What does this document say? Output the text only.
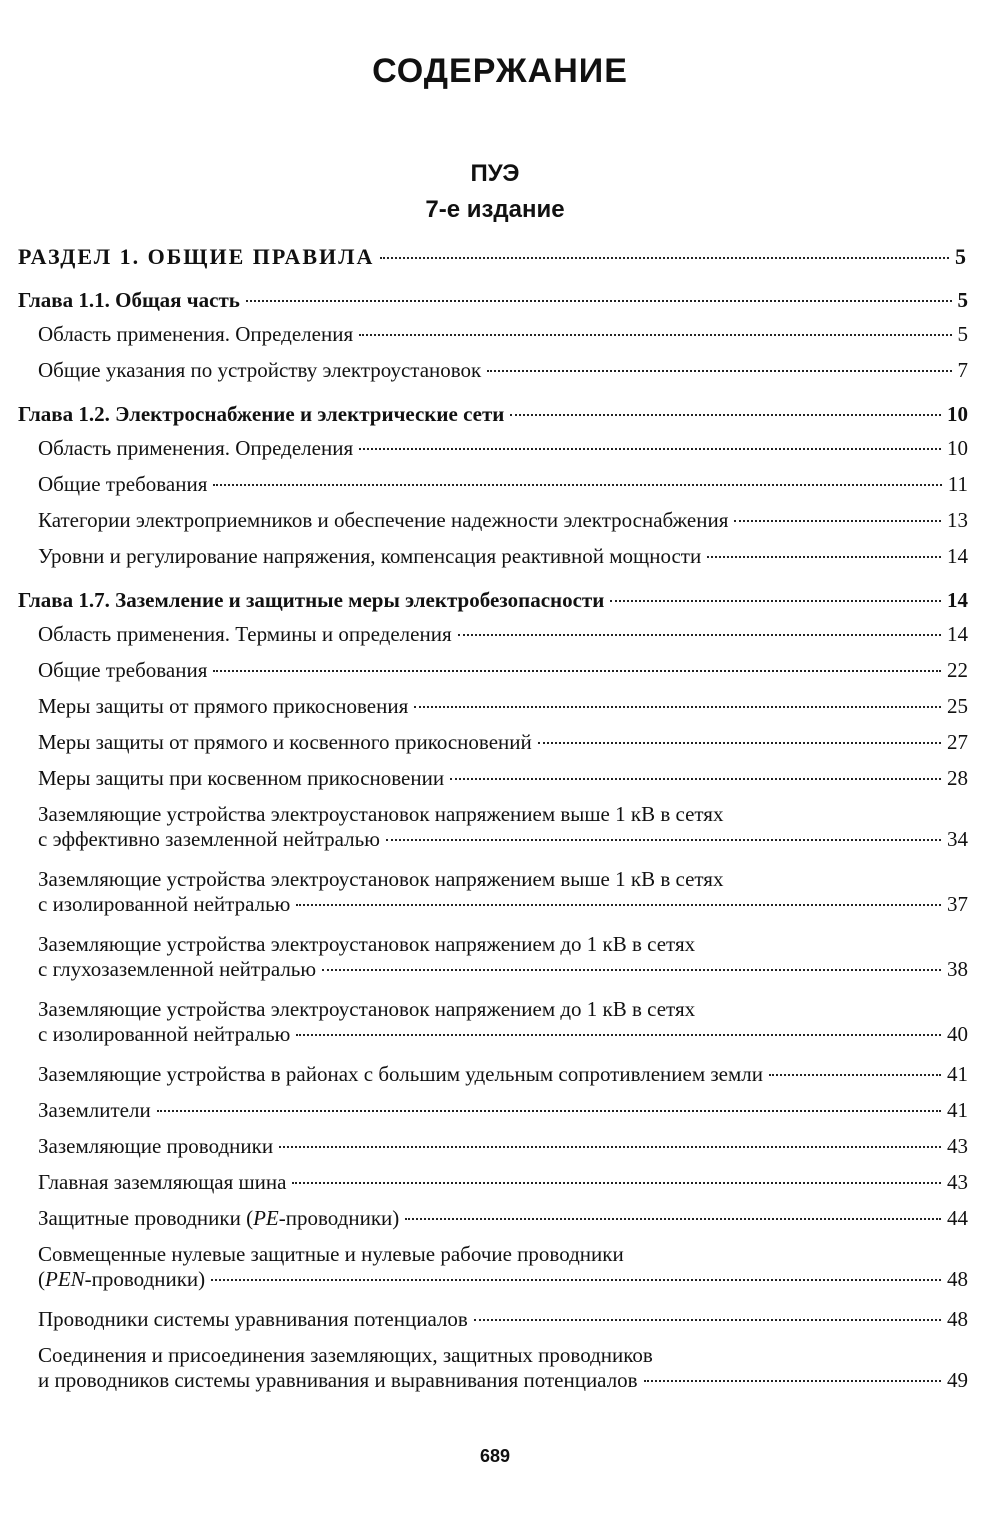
СОДЕРЖАНИЕ
ПУЭ
7-е издание
РАЗДЕЛ 1. ОБЩИЕ ПРАВИЛА	5
Глава 1.1. Общая часть	5
Область применения. Определения	5
Общие указания по устройству электроустановок	7
Глава 1.2. Электроснабжение и электрические сети	10
Область применения. Определения	10
Общие требования	11
Категории электроприемников и обеспечение надежности электроснабжения	13
Уровни и регулирование напряжения, компенсация реактивной мощности	14
Глава 1.7. Заземление и защитные меры электробезопасности	14
Область применения. Термины и определения	14
Общие требования	22
Меры защиты от прямого прикосновения	25
Меры защиты от прямого и косвенного прикосновений	27
Меры защиты при косвенном прикосновении	28
Заземляющие устройства электроустановок напряжением выше 1 кВ в сетях
с эффективно заземленной нейтралью	34
Заземляющие устройства электроустановок напряжением выше 1 кВ в сетях
с изолированной нейтралью	37
Заземляющие устройства электроустановок напряжением до 1 кВ в сетях
с глухозаземленной нейтралью	38
Заземляющие устройства электроустановок напряжением до 1 кВ в сетях
с изолированной нейтралью	40
Заземляющие устройства в районах с большим удельным сопротивлением земли	41
Заземлители	41
Заземляющие проводники	43
Главная заземляющая шина	43
Защитные проводники (PE-проводники)	44
Совмещенные нулевые защитные и нулевые рабочие проводники
(PEN-проводники)	48
Проводники системы уравнивания потенциалов	48
Соединения и присоединения заземляющих, защитных проводников
и проводников системы уравнивания и выравнивания потенциалов	49
689
